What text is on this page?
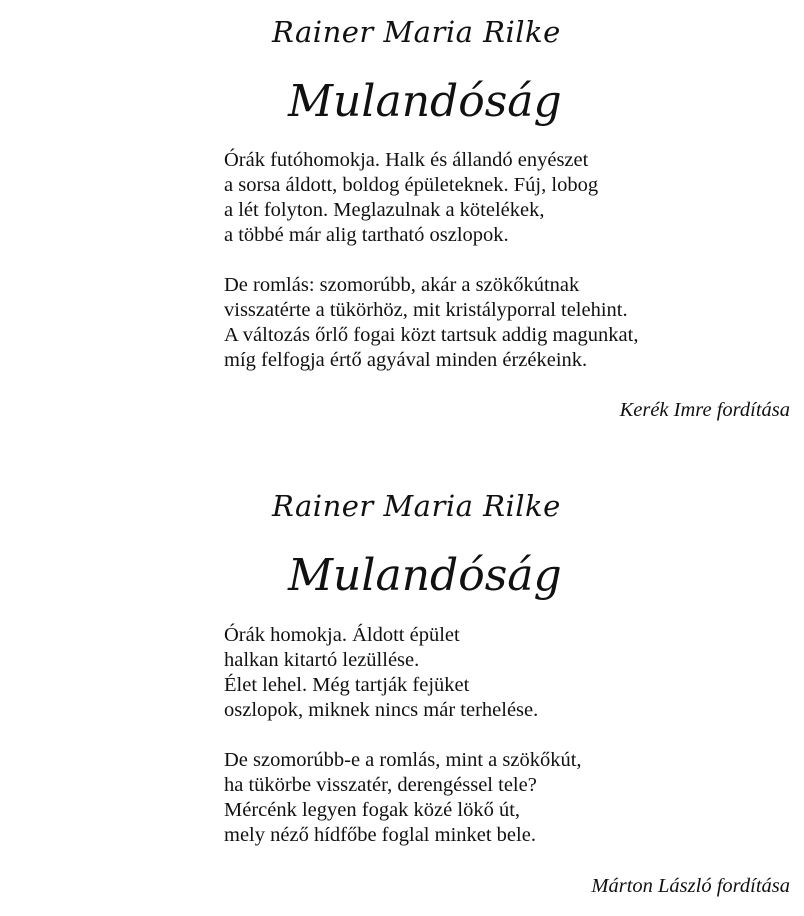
Rainer Maria Rilke
Mulandóság
Órák futóhomokja. Halk és állandó enyészet
a sorsa áldott, boldog épületeknek. Fúj, lobog
a lét folyton. Meglazulnak a kötelékek,
a többé már alig tartható oszlopok.
De romlás: szomorúbb, akár a szökőkútnak
visszatérte a tükörhöz, mit kristályporral telehint.
A változás őrlő fogai közt tartsuk addig magunkat,
míg felfogja értő agyával minden érzékeink.
Kerék Imre fordítása
Rainer Maria Rilke
Mulandóság
Órák homokja. Áldott épület
halkan kitartó lezüllése.
Élet lehel. Még tartják fejüket
oszlopok, miknek nincs már terhelése.
De szomorúbb-e a romlás, mint a szökőkút,
ha tükörbe visszatér, derengéssel tele?
Mércénk legyen fogak közé lökő út,
mely néző hídfőbe foglal minket bele.
Márton László fordítása
